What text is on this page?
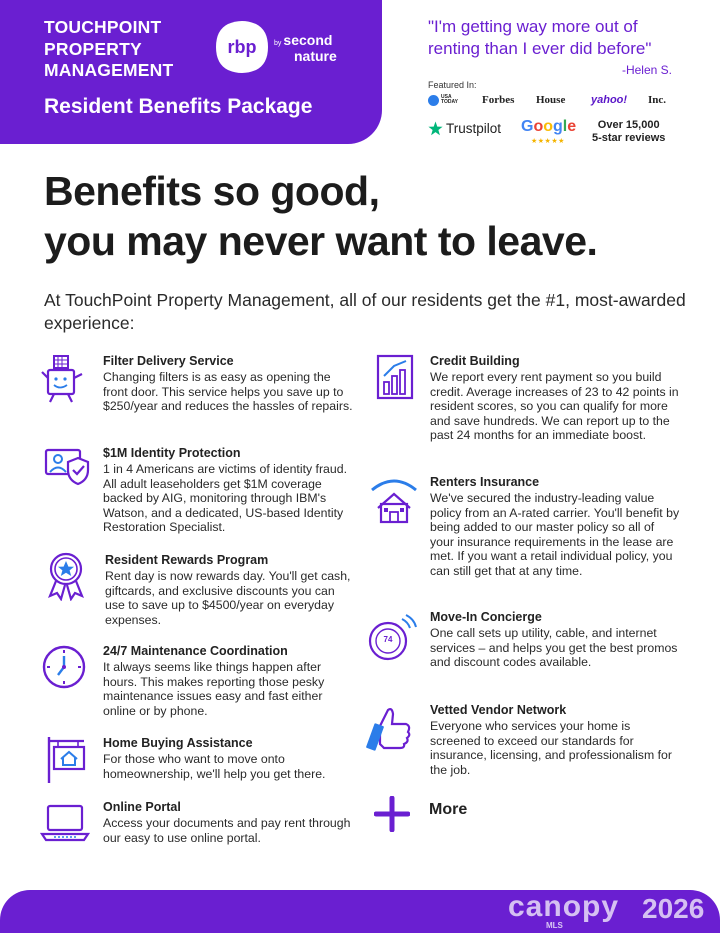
TOUCHPOINT
PROPERTY
MANAGEMENT
rbp	by second
nature
Resident Benefits Package
"I'm getting way more out of
renting than I ever did before"
-Helen S.
Featured In:
USA TODAY Forbes House yahoo! Inc.
Trustpilot Google
★★★★★
Over 15,000
5-star reviews
Benefits so good,
you may never want to leave.
At TouchPoint Property Management, all of our residents get the #1, most-awarded experience:
Filter Delivery Service
Changing filters is as easy as opening the front door. This service helps you save up to $250/year and reduces the hassles of repairs.
$1M Identity Protection
1 in 4 Americans are victims of identity fraud. All adult leaseholders get $1M coverage backed by AIG, monitoring through IBM's Watson, and a dedicated, US-based Identity Restoration Specialist.
Resident Rewards Program
Rent day is now rewards day. You'll get cash, giftcards, and exclusive discounts you can use to save up to $4500/year on everyday expenses.
24/7 Maintenance Coordination
It always seems like things happen after hours. This makes reporting those pesky maintenance issues easy and fast either online or by phone.
Home Buying Assistance
For those who want to move onto homeownership, we'll help you get there.
Online Portal
Access your documents and pay rent through our easy to use online portal.
Credit Building
We report every rent payment so you build credit. Average increases of 23 to 42 points in resident scores, so you can qualify for more and save hundreds. We can report up to the past 24 months for an immediate boost.
Renters Insurance
We've secured the industry-leading value policy from an A-rated carrier. You'll benefit by being added to our master policy so all of your insurance requirements in the lease are met. If you want a retail individual policy, you can still get that at any time.
74
Move-In Concierge
One call sets up utility, cable, and internet services – and helps you get the best promos and discount codes available.
Vetted Vendor Network
Everyone who services your home is screened to exceed our standards for insurance, licensing, and professionalism for the job.
More
canopy
MLS
2026
